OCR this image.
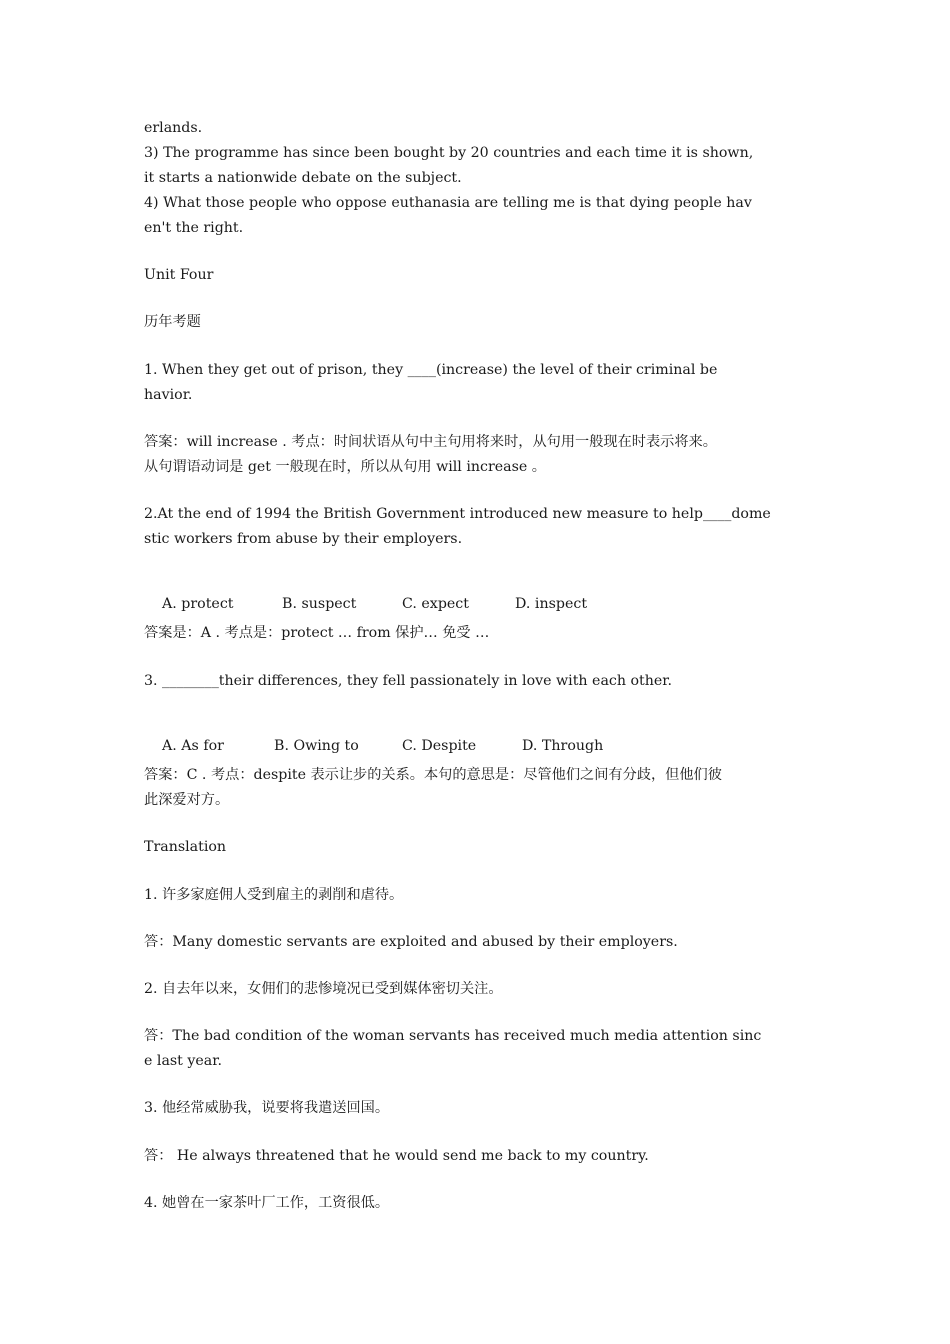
erlands.
3) The programme has since been bought by 20 countries and each time it is shown,
it starts a nationwide debate on the subject.
4) What those people who oppose euthanasia are telling me is that dying people hav
en't the right.
Unit Four
历年考题
1. When they get out of prison, they ____(increase) the level of their criminal be
havior.
答案：will increase . 考点：时间状语从句中主句用将来时，从句用一般现在时表示将来。
从句谓语动词是 get 一般现在时，所以从句用 will increase 。
2.At the end of 1994 the British Government introduced new measure to help____dome
stic workers from abuse by their employers.

A. protect	B. suspect	C. expect	D. inspect

答案是：A . 考点是：protect … from 保护… 免受 …
3. ________their differences, they fell passionately in love with each other.

A. As for	B. Owing to	C. Despite	D. Through

答案：C . 考点：despite 表示让步的关系。本句的意思是：尽管他们之间有分歧，但他们彼
此深爱对方。
Translation
1. 许多家庭佣人受到雇主的剥削和虐待。
答：Many domestic servants are exploited and abused by their employers.
2. 自去年以来，女佣们的悲惨境况已受到媒体密切关注。
答：The bad condition of the woman servants has received much media attention sinc
e last year.
3. 他经常威胁我，说要将我遣送回国。
答： He always threatened that he would send me back to my country.
4. 她曾在一家茶叶厂工作，工资很低。
